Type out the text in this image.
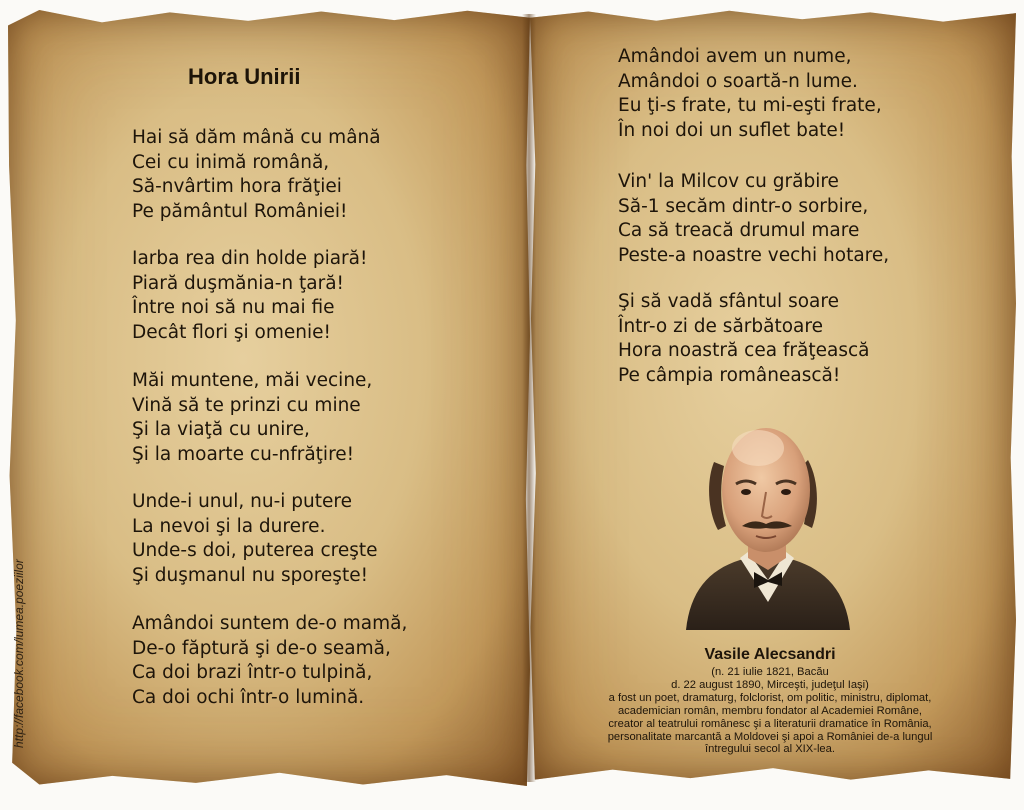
Hora Unirii
Hai să dăm mână cu mână
Cei cu inimă română,
Să-nvârtim hora frăţiei
Pe pământul României!
Iarba rea din holde piară!
Piară duşmănia-n ţară!
Între noi să nu mai fie
Decât flori şi omenie!
Măi muntene, măi vecine,
Vină să te prinzi cu mine
Şi la viaţă cu unire,
Şi la moarte cu-nfrăţire!
Unde-i unul, nu-i putere
La nevoi şi la durere.
Unde-s doi, puterea creşte
Şi duşmanul nu sporeşte!
Amândoi suntem de-o mamă,
De-o făptură şi de-o seamă,
Ca doi brazi într-o tulpină,
Ca doi ochi într-o lumină.
Amândoi avem un nume,
Amândoi o soartă-n lume.
Eu ţi-s frate, tu mi-eşti frate,
În noi doi un suflet bate!
Vin' la Milcov cu grăbire
Să-1 secăm dintr-o sorbire,
Ca să treacă drumul mare
Peste-a noastre vechi hotare,
Şi să vadă sfântul soare
Într-o zi de sărbătoare
Hora noastră cea frăţească
Pe câmpia românească!
http://facebook.com/lumea.poeziilor	Vasile Alecsandri
(n. 21 iulie 1821, Bacău
d. 22 august 1890, Mirceşti, judeţul Iaşi)
a fost un poet, dramaturg, folclorist, om politic, ministru, diplomat,
academician român, membru fondator al Academiei Române,
creator al teatrului românesc şi a literaturii dramatice în România,
personalitate marcantă a Moldovei şi apoi a României de-a lungul
întregului secol al XIX-lea.
